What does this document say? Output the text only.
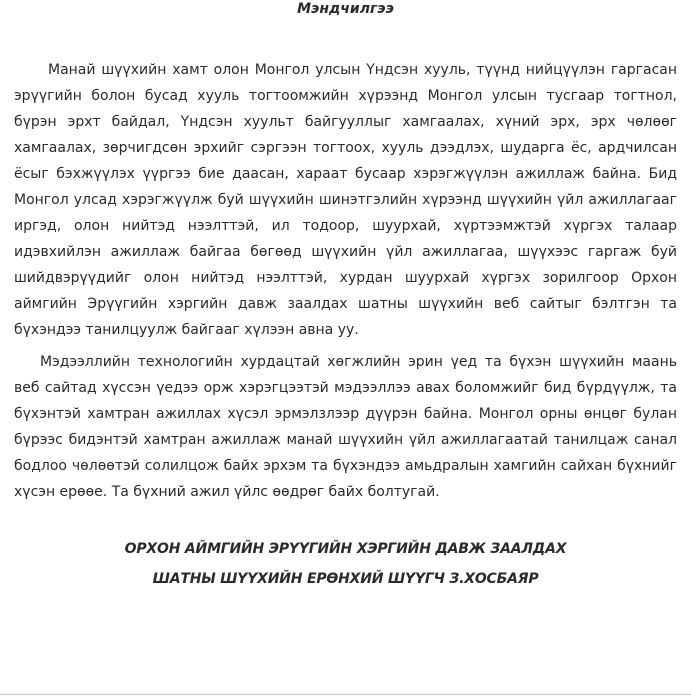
Мэндчилгээ

Манай шүүхийн хамт олон Монгол улсын Үндсэн хууль, түүнд нийцүүлэн гаргасан эрүүгийн болон бусад хууль тогтоомжийн хүрээнд Монгол улсын тусгаар тогтнол, бүрэн эрхт байдал, Үндсэн хуульт байгууллыг хамгаалах, хүний эрх, эрх чөлөөг хамгаалах, зөрчигдсөн эрхийг сэргээн тогтоох, хууль дээдлэх, шударга ёс, ардчилсан ёсыг бэхжүүлэх үүргээ бие даасан, хараат бусаар хэрэгжүүлэн ажиллаж байна. Бид Монгол улсад хэрэгжүүлж буй шүүхийн шинэтгэлийн хүрээнд шүүхийн үйл ажиллагааг иргэд, олон нийтэд нээлттэй, ил тодоор, шуурхай, хүртээмжтэй хүргэх талаар идэвхийлэн ажиллаж байгаа бөгөөд шүүхийн үйл ажиллагаа, шүүхээс гаргаж буй шийдвэрүүдийг олон нийтэд нээлттэй, хурдан шуурхай хүргэх зорилгоор Орхон аймгийн Эрүүгийн хэргийн давж заалдах шатны шүүхийн веб сайтыг бэлтгэн та бүхэндээ танилцуулж байгааг хүлээн авна уу.

Мэдээллийн технологийн хурдацтай хөгжлийн эрин үед та бүхэн шүүхийн маань веб сайтад хүссэн үедээ орж хэрэгцээтэй мэдээллээ авах боломжийг бид бүрдүүлж, та бүхэнтэй хамтран ажиллах хүсэл эрмэлзлээр дүүрэн байна. Монгол орны өнцөг булан бүрээс бидэнтэй хамтран ажиллаж манай шүүхийн үйл ажиллагаатай танилцаж санал бодлоо чөлөөтэй солилцож байх эрхэм та бүхэндээ амьдралын хамгийн сайхан бүхнийг хүсэн ерөөе. Та бүхний ажил үйлс өөдрөг байх болтугай.

ОРХОН АЙМГИЙН ЭРҮҮГИЙН ХЭРГИЙН ДАВЖ ЗААЛДАХ
ШАТНЫ ШҮҮХИЙН ЕРӨНХИЙ ШҮҮГЧ З.ХОСБАЯР
